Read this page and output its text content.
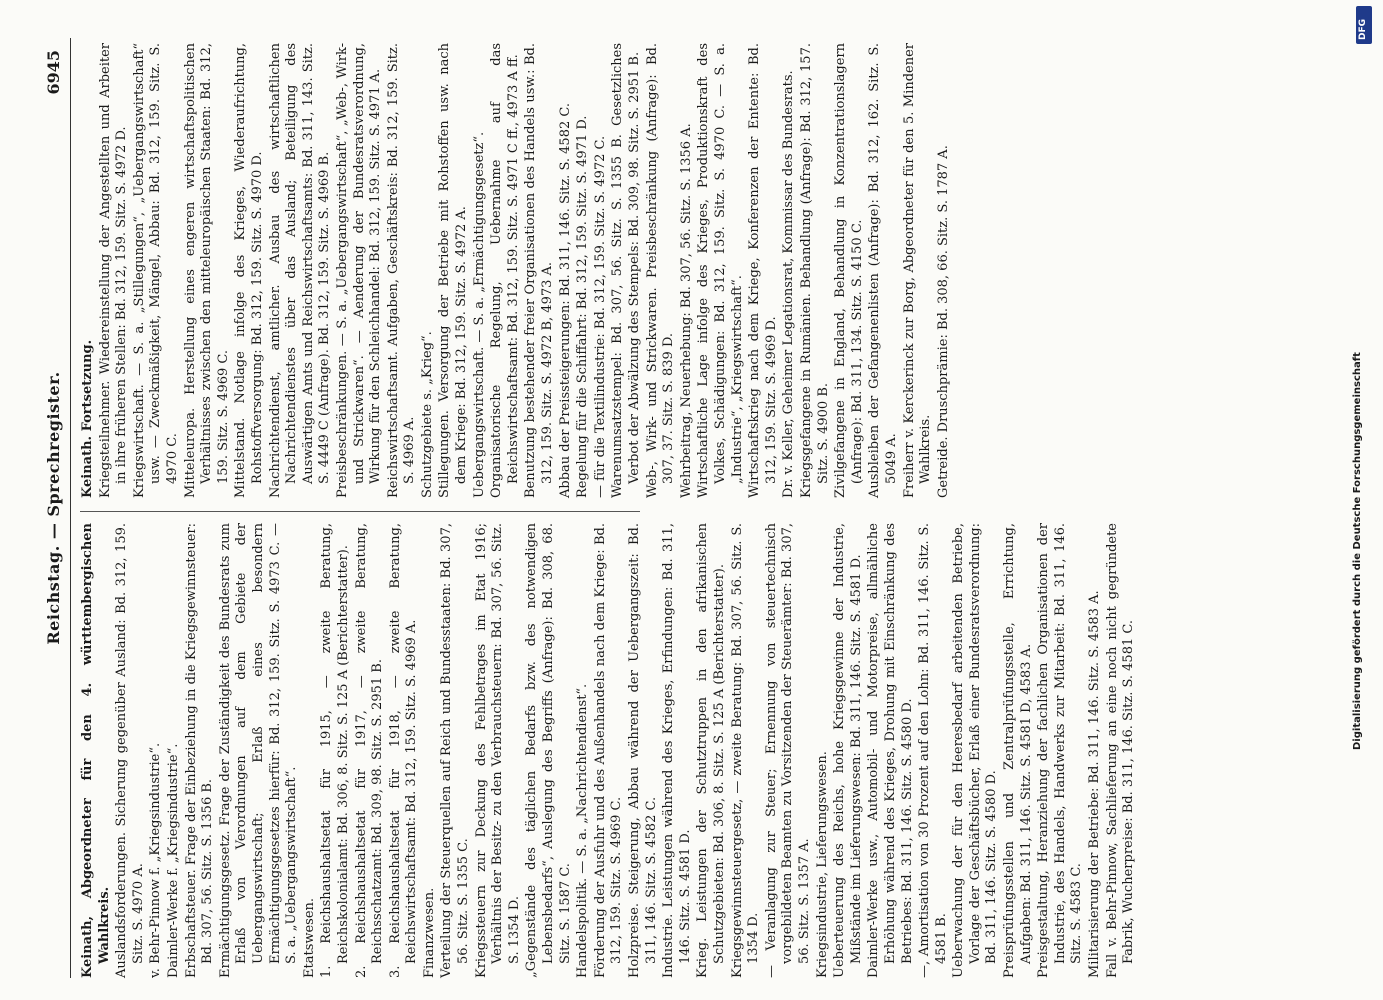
Reichstag. — Sprechregister.
6945
Keinath, Abgeordneter für den 4. württembergischen Wahlkreis. Auslandsforderungen. Sicherung gegenüber Ausland: Bd. 312, 159. Sitz. S. 4970 A. v. Behr-Pinnow f. „Kriegsindustrie“. Daimler-Werke f. „Kriegsindustrie“. Erbschaftsteuer. Frage der Einbeziehung in die Kriegsgewinnsteuer: Bd. 307, 56. Sitz. S. 1356 B. Ermächtigungsgesetz. Frage der Zuständigkeit des Bundesrats zum Erlaß von Verordnungen auf dem Gebiete der Uebergangswirtschaft; Erlaß eines besondern Ermächtigungsgesetzes hierfür: Bd. 312, 159. Sitz. S. 4973 C. — S. a. „Uebergangswirtschaft“. Etatswesen. 1. Reichshaushaltsetat für 1915, — zweite Beratung, Reichskolonialamt: Bd. 306, 8. Sitz. S. 125 A (Berichterstatter). 2. Reichshaushaltsetat für 1917, — zweite Beratung, Reichsschatzamt: Bd. 309, 98. Sitz. S. 2951 B. 3. Reichshaushaltsetat für 1918, — zweite Beratung, Reichswirtschaftsamt: Bd. 312, 159. Sitz. S. 4969 A. Finanzwesen. Verteilung der Steuerquellen auf Reich und Bundesstaaten: Bd. 307, 56. Sitz. S. 1355 C. Kriegssteuern zur Deckung des Fehlbetrages im Etat 1916; Verhältnis der Besitz- zu den Verbrauchsteuern: Bd. 307, 56. Sitz. S. 1354 D. „Gegenstände des täglichen Bedarfs bzw. des notwendigen Lebensbedarfs“, Auslegung des Begriffs (Anfrage): Bd. 308, 68. Sitz. S. 1587 C. Handelspolitik. — S. a. „Nachrichtendienst“. Förderung der Ausfuhr und des Außenhandels nach dem Kriege: Bd. 312, 159. Sitz. S. 4969 C. Holzpreise. Steigerung, Abbau während der Uebergangszeit: Bd. 311, 146. Sitz. S. 4582 C. Industrie. Leistungen während des Krieges, Erfindungen: Bd. 311, 146. Sitz. S. 4581 D. Krieg. Leistungen der Schutztruppen in den afrikanischen Schutzgebieten: Bd. 306, 8. Sitz. S. 125 A (Berichterstatter). Kriegsgewinnsteuergesetz, — zweite Beratung: Bd. 307, 56. Sitz. S. 1354 D. — Veranlagung zur Steuer; Ernennung von steuertechnisch vorgebildeten Beamten zu Vorsitzenden der Steuerämter: Bd. 307, 56. Sitz. S. 1357 A. Kriegsindustrie, Lieferungswesen. Ueberteuerung des Reichs, hohe Kriegsgewinne der Industrie, Mißstände im Lieferungswesen: Bd. 311, 146. Sitz. S. 4581 D. Daimler-Werke usw., Automobil- und Motorpreise, allmähliche Erhöhung während des Krieges, Drohung mit Einschränkung des Betriebes: Bd. 311, 146. Sitz. S. 4580 D. —, Amortisation von 30 Prozent auf den Lohn: Bd. 311, 146. Sitz. S. 4581 B. Ueberwachung der für den Heeresbedarf arbeitenden Betriebe, Vorlage der Geschäftsbücher, Erlaß einer Bundesratsverordnung: Bd. 311, 146. Sitz. S. 4580 D. Preisprüfungsstellen und Zentralprüfungsstelle, Errichtung, Aufgaben: Bd. 311, 146. Sitz. S. 4581 D, 4583 A. Preisgestaltung, Heranziehung der fachlichen Organisationen der Industrie, des Handels, Handwerks zur Mitarbeit: Bd. 311, 146. Sitz. S. 4583 C. Militarisierung der Betriebe: Bd. 311, 146. Sitz. S. 4583 A. Fall v. Behr-Pinnow, Sachlieferung an eine noch nicht gegründete Fabrik, Wucherpreise: Bd. 311, 146. Sitz. S. 4581 C.
Keinath. Fortsetzung. Kriegsteilnehmer. Wiedereinstellung der Angestellten und Arbeiter in ihre früheren Stellen: Bd. 312, 159. Sitz. S. 4972 D. Kriegswirtschaft. — S. a. „Stillegungen“, „Uebergangswirtschaft“ usw. — Zweckmäßigkeit, Mängel, Abbau: Bd. 312, 159. Sitz. S. 4970 C. Mitteleuropa. Herstellung eines engeren wirtschaftspolitischen Verhältnisses zwischen den mitteleuropäischen Staaten: Bd. 312, 159. Sitz. S. 4969 C. Mittelstand. Notlage infolge des Krieges, Wiederaufrichtung, Rohstoffversorgung: Bd. 312, 159. Sitz. S. 4970 D. Nachrichtendienst, amtlicher. Ausbau des wirtschaftlichen Nachrichtendienstes über das Ausland; Beteiligung des Auswärtigen Amts und Reichswirtschaftsamts: Bd. 311, 143. Sitz. S. 4449 C (Anfrage). Bd. 312, 159. Sitz. S. 4969 B. Preisbeschränkungen. — S. a. „Uebergangswirtschaft“, „Web-, Wirk- und Strickwaren“. — Aenderung der Bundesratsverordnung, Wirkung für den Schleichhandel: Bd. 312, 159. Sitz. S. 4971 A. Reichswirtschaftsamt. Aufgaben, Geschäftskreis: Bd. 312, 159. Sitz. S. 4969 A. Schutzgebiete s. „Krieg“. Stillegungen. Versorgung der Betriebe mit Rohstoffen usw. nach dem Kriege: Bd. 312, 159. Sitz. S. 4972 A. Uebergangswirtschaft. — S. a. „Ermächtigungsgesetz“. Organisatorische Regelung, Uebernahme auf das Reichswirtschaftsamt: Bd. 312, 159. Sitz. S. 4971 C ff., 4973 A ff. Benutzung bestehender freier Organisationen des Handels usw.: Bd. 312, 159. Sitz. S. 4972 B, 4973 A. Abbau der Preissteigerungen: Bd. 311, 146. Sitz. S. 4582 C. Regelung für die Schiffahrt: Bd. 312, 159. Sitz. S. 4971 D. — für die Textilindustrie: Bd. 312, 159. Sitz. S. 4972 C. Warenumsatzstempel: Bd. 307, 56. Sitz. S. 1355 B. Gesetzliches Verbot der Abwälzung des Stempels: Bd. 309, 98. Sitz. S. 2951 B. Web-, Wirk- und Strickwaren. Preisbeschränkung (Anfrage): Bd. 307, 37. Sitz. S. 839 D. Wehrbeitrag, Neuerhebung: Bd. 307, 56. Sitz. S. 1356 A. Wirtschaftliche Lage infolge des Krieges, Produktionskraft des Volkes, Schädigungen: Bd. 312, 159. Sitz. S. 4970 C. — S. a. „Industrie“, „Kriegswirtschaft“. Wirtschaftskrieg nach dem Kriege, Konferenzen der Entente: Bd. 312, 159. Sitz. S. 4969 D. Dr. v. Keller, Geheimer Legationsrat, Kommissar des Bundesrats. Kriegsgefangene in Rumänien. Behandlung (Anfrage): Bd. 312, 157. Sitz. S. 4900 B. Zivilgefangene in England, Behandlung in Konzentrationslagern (Anfrage): Bd. 311, 134. Sitz. S. 4150 C. Ausbleiben der Gefangenenlisten (Anfrage): Bd. 312, 162. Sitz. S. 5049 A. Freiherr v. Kerckerinck zur Borg, Abgeordneter für den 5. Mindener Wahlkreis. Getreide. Druschprämie: Bd. 308, 66. Sitz. S. 1787 A.
Digitalisierung gefördert durch die Deutsche Forschungsgemeinschaft
DFG
